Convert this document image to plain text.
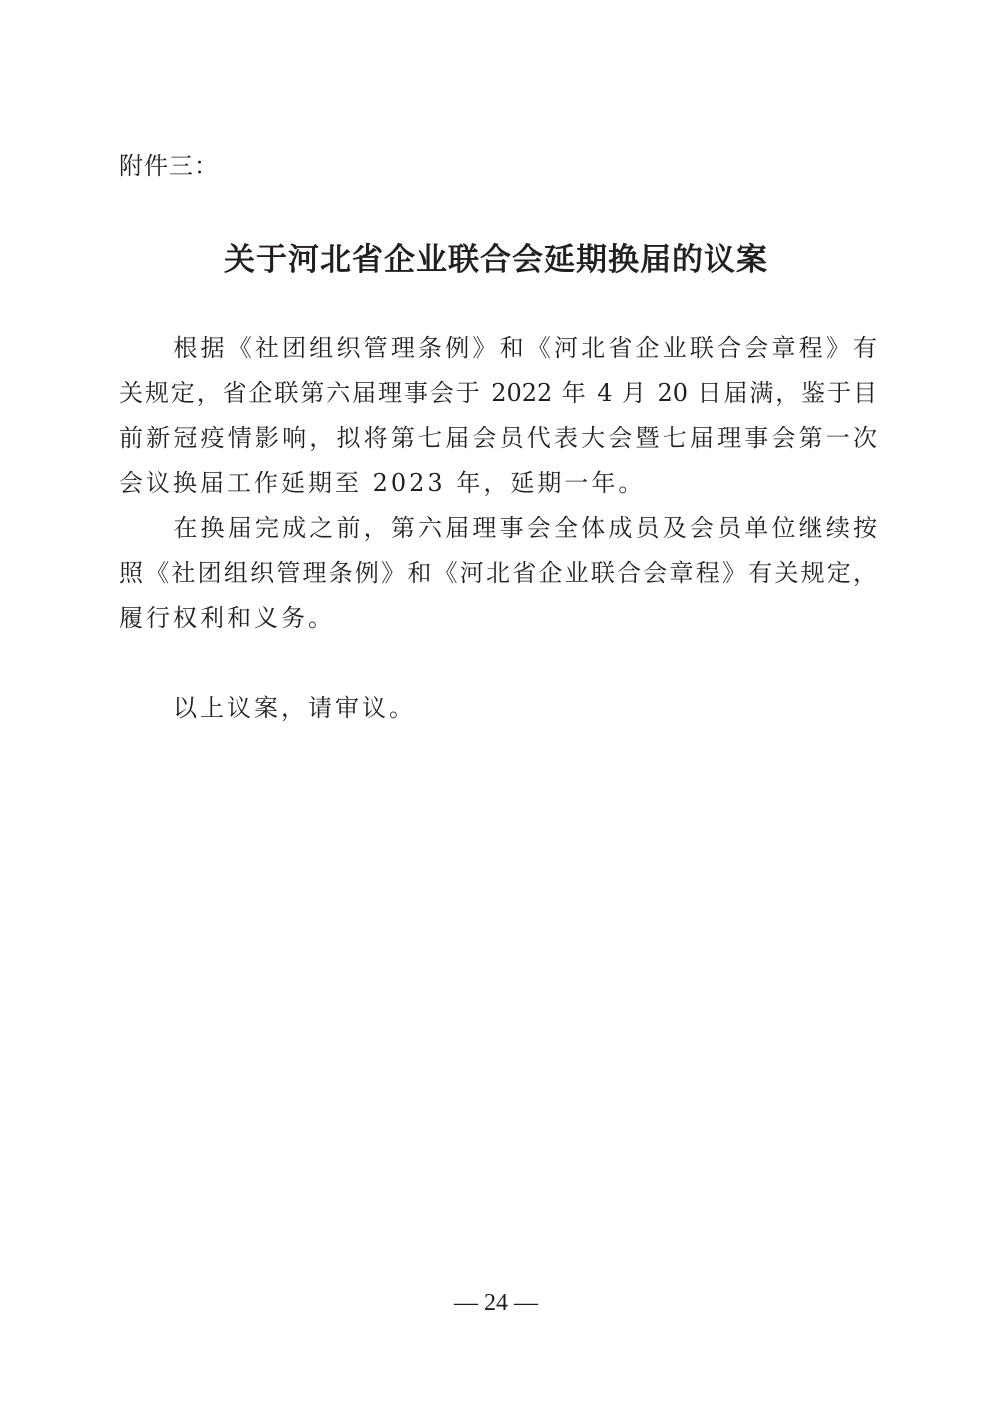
附件三：
关于河北省企业联合会延期换届的议案
　　根据《社团组织管理条例》和《河北省企业联合会章程》有
关规定，省企联第六届理事会于 2022 年 4 月 20 日届满，鉴于目
前新冠疫情影响，拟将第七届会员代表大会暨七届理事会第一次
会议换届工作延期至 2023 年，延期一年。
　　在换届完成之前，第六届理事会全体成员及会员单位继续按
照《社团组织管理条例》和《河北省企业联合会章程》有关规定，
履行权利和义务。
　　以上议案，请审议。
— 24 —
